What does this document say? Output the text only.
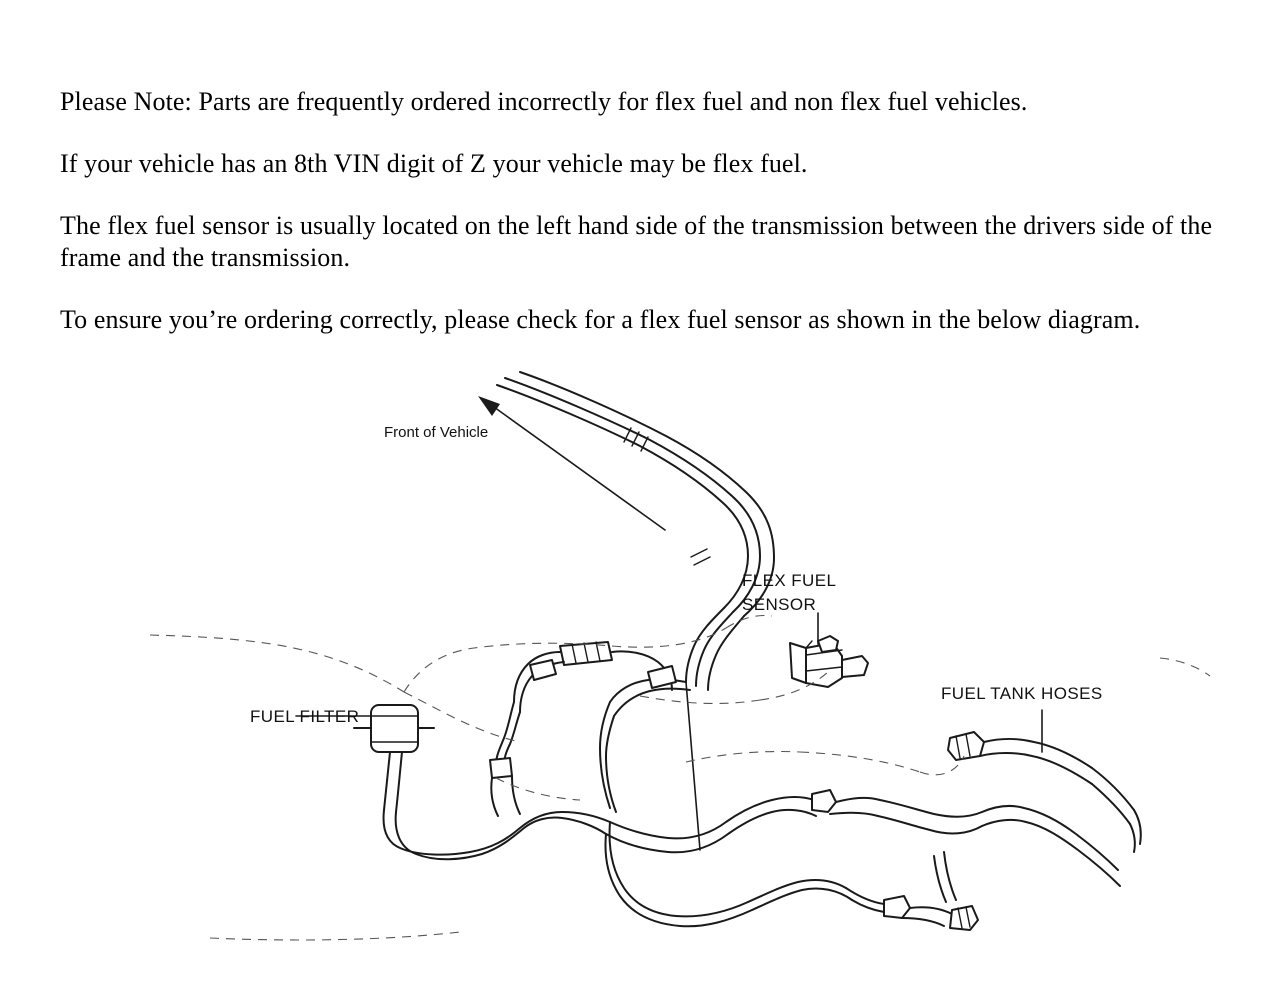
Please Note: Parts are frequently ordered incorrectly for flex fuel and non flex fuel vehicles.

If your vehicle has an 8th VIN digit of Z your vehicle may be flex fuel.

The flex fuel sensor is usually located on the left hand side of the transmission between the drivers side of the frame and the transmission.

To ensure you’re ordering correctly, please check for a flex fuel sensor as shown in the below diagram.

Front of Vehicle
FLEX FUEL
SENSOR
FUEL FILTER
FUEL TANK HOSES
